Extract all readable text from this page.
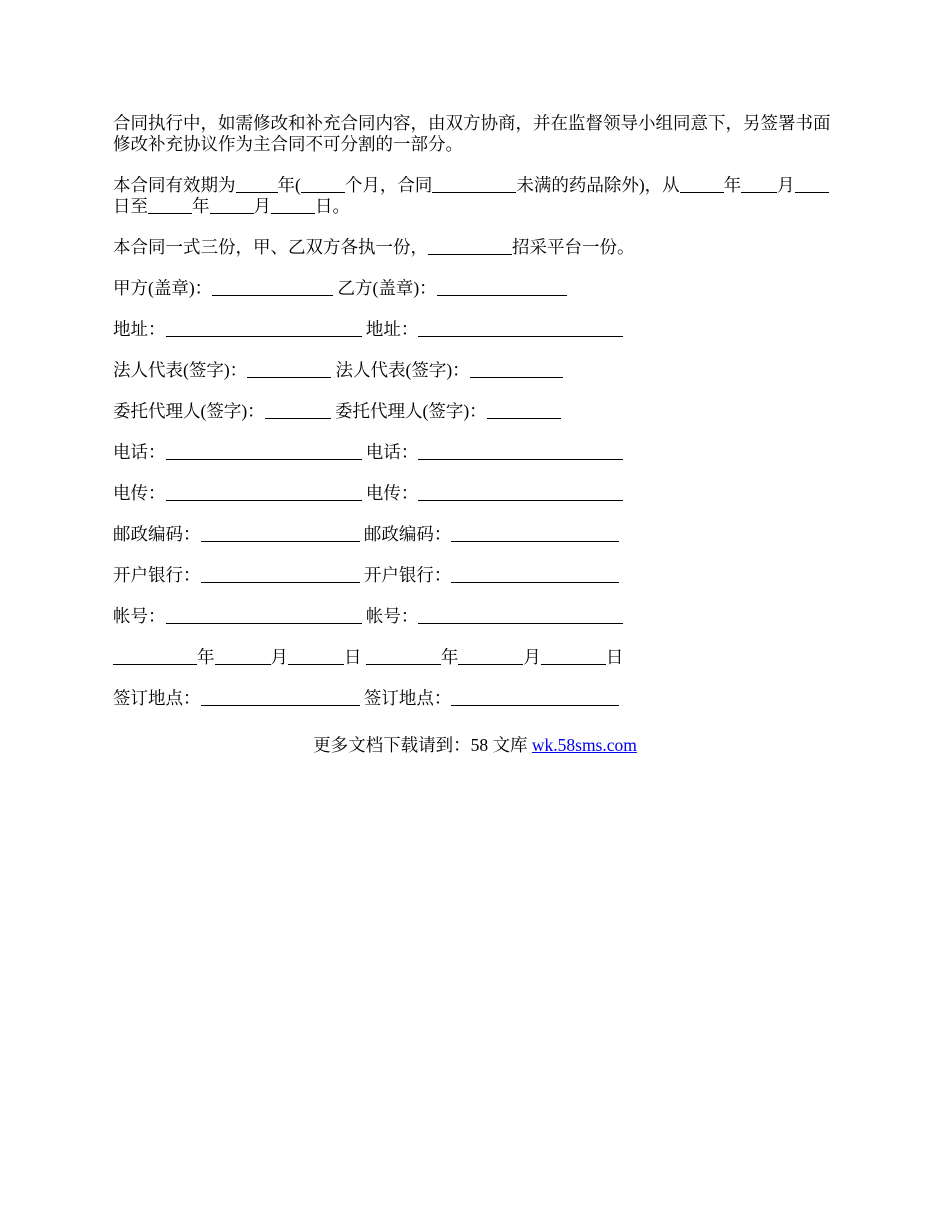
合同执行中，如需修改和补充合同内容，由双方协商，并在监督领导小组同意下，另签署书面修改补充协议作为主合同不可分割的一部分。

本合同有效期为 年(	个月，合同	未满的药品除外)，从	年 月日至	年	月	日。

本合同一式三份，甲、乙双方各执一份，	招采平台一份。

甲方(盖章)：	乙方(盖章)：
地址：	地址：
法人代表(签字)：	法人代表(签字)：
委托代理人(签字)：	委托代理人(签字)：
电话：	电话：
电传：	电传：
邮政编码：	邮政编码：
开户银行：	开户银行：
帐号：	帐号：
年	月	日	年	月	日
签订地点：	签订地点：
更多文档下载请到：58 文库 wk.58sms.com
